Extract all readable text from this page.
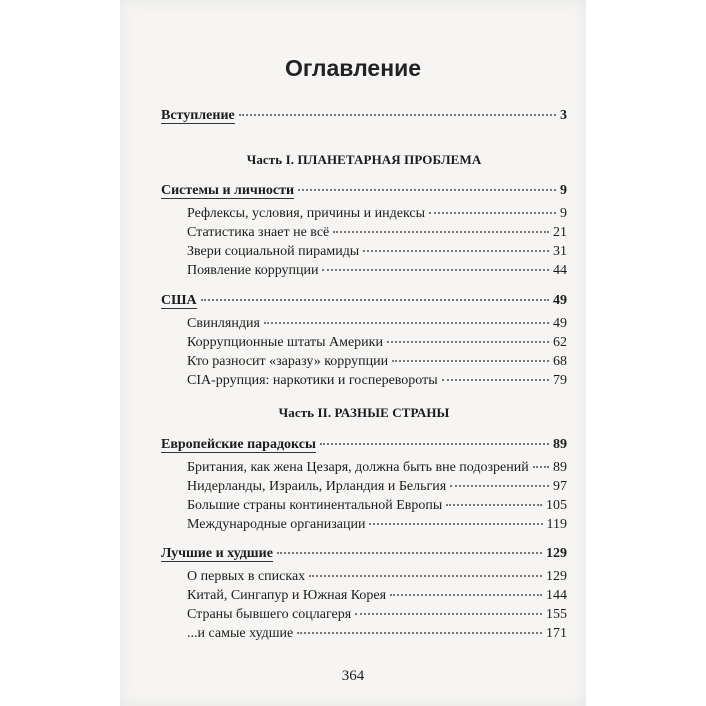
Оглавление
Вступление	3
Часть I. ПЛАНЕТАРНАЯ ПРОБЛЕМА
Системы и личности	9
Рефлексы, условия, причины и индексы	9
Статистика знает не всё	21
Звери социальной пирамиды	31
Появление коррупции	44
США	49
Свинляндия	49
Коррупционные штаты Америки	62
Кто разносит «заразу» коррупции	68
CIA-ррупция: наркотики и госперевороты	79
Часть II. РАЗНЫЕ СТРАНЫ
Европейские парадоксы	89
Британия, как жена Цезаря, должна быть вне подозрений 89
Нидерланды, Израиль, Ирландия и Бельгия	97
Большие страны континентальной Европы	105
Международные организации	119
Лучшие и худшие	129
О первых в списках	129
Китай, Сингапур и Южная Корея	144
Страны бывшего соцлагеря	155
...и самые худшие	171
364
